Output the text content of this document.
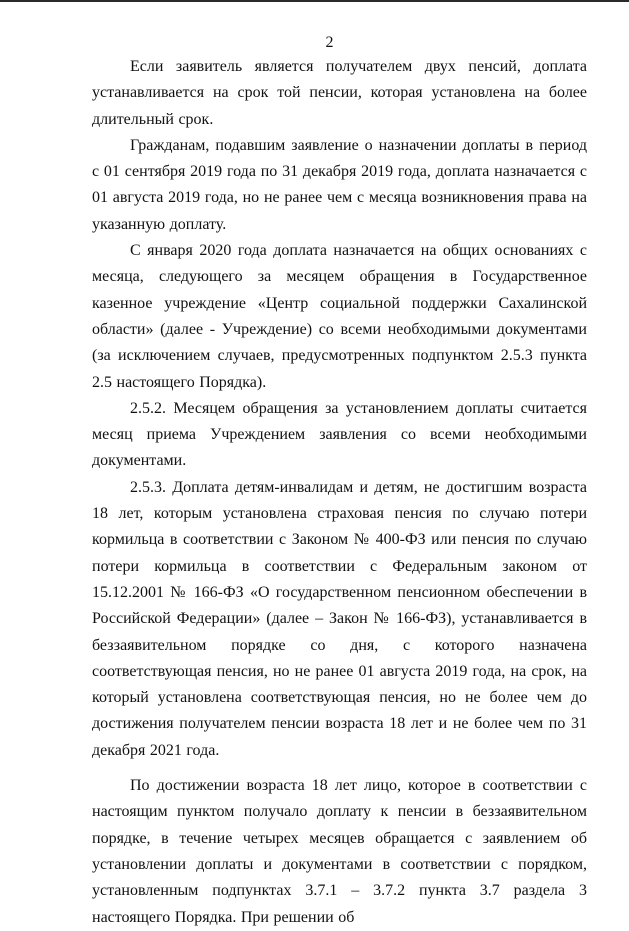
2

Если заявитель является получателем двух пенсий, доплата устанавливается на срок той пенсии, которая установлена на более длительный срок.

Гражданам, подавшим заявление о назначении доплаты в период с 01 сентября 2019 года по 31 декабря 2019 года, доплата назначается с 01 августа 2019 года, но не ранее чем с месяца возникновения права на указанную доплату.

С января 2020 года доплата назначается на общих основаниях с месяца, следующего за месяцем обращения в Государственное казенное учреждение «Центр социальной поддержки Сахалинской области» (далее - Учреждение) со всеми необходимыми документами (за исключением случаев, предусмотренных подпунктом 2.5.3 пункта 2.5 настоящего Порядка).

2.5.2. Месяцем обращения за установлением доплаты считается месяц приема Учреждением заявления со всеми необходимыми документами.

2.5.3. Доплата детям-инвалидам и детям, не достигшим возраста 18 лет, которым установлена страховая пенсия по случаю потери кормильца в соответствии с Законом № 400-ФЗ или пенсия по случаю потери кормильца в соответствии с Федеральным законом от 15.12.2001 № 166-ФЗ «О государственном пенсионном обеспечении в Российской Федерации» (далее – Закон № 166-ФЗ), устанавливается в беззаявительном порядке со дня, с которого назначена соответствующая пенсия, но не ранее 01 августа 2019 года, на срок, на который установлена соответствующая пенсия, но не более чем до достижения получателем пенсии возраста 18 лет и не более чем по 31 декабря 2021 года.

По достижении возраста 18 лет лицо, которое в соответствии с настоящим пунктом получало доплату к пенсии в беззаявительном порядке, в течение четырех месяцев обращается с заявлением об установлении доплаты и документами в соответствии с порядком, установленным подпунктах 3.7.1 – 3.7.2 пункта 3.7 раздела 3 настоящего Порядка. При решении об
